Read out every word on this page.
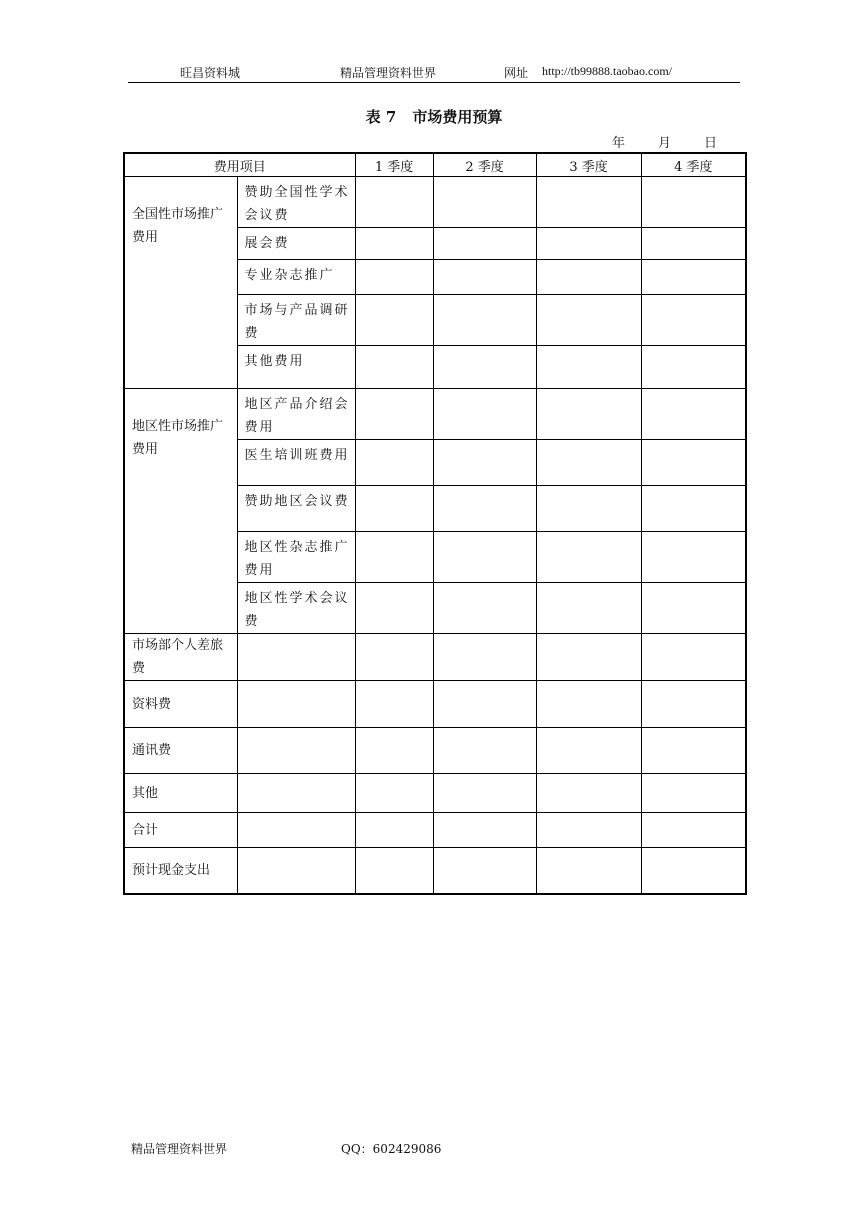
旺昌资料城	精品管理资料世界	网址 http://tb99888.taobao.com/
表 7 市场费用预算
年	月	日
费用项目		1 季度	2 季度	3 季度	4 季度
全国性市场推广费用	赞助全国性学术会议费				
	展会费				
	专业杂志推广				
	市场与产品调研费				
	其他费用				
地区性市场推广费用	地区产品介绍会费用				
	医生培训班费用				
	赞助地区会议费				
	地区性杂志推广费用				
	地区性学术会议费				
市场部个人差旅费					
资料费					
通讯费					
其他					
合计					
预计现金支出					
精品管理资料世界	QQ：602429086
